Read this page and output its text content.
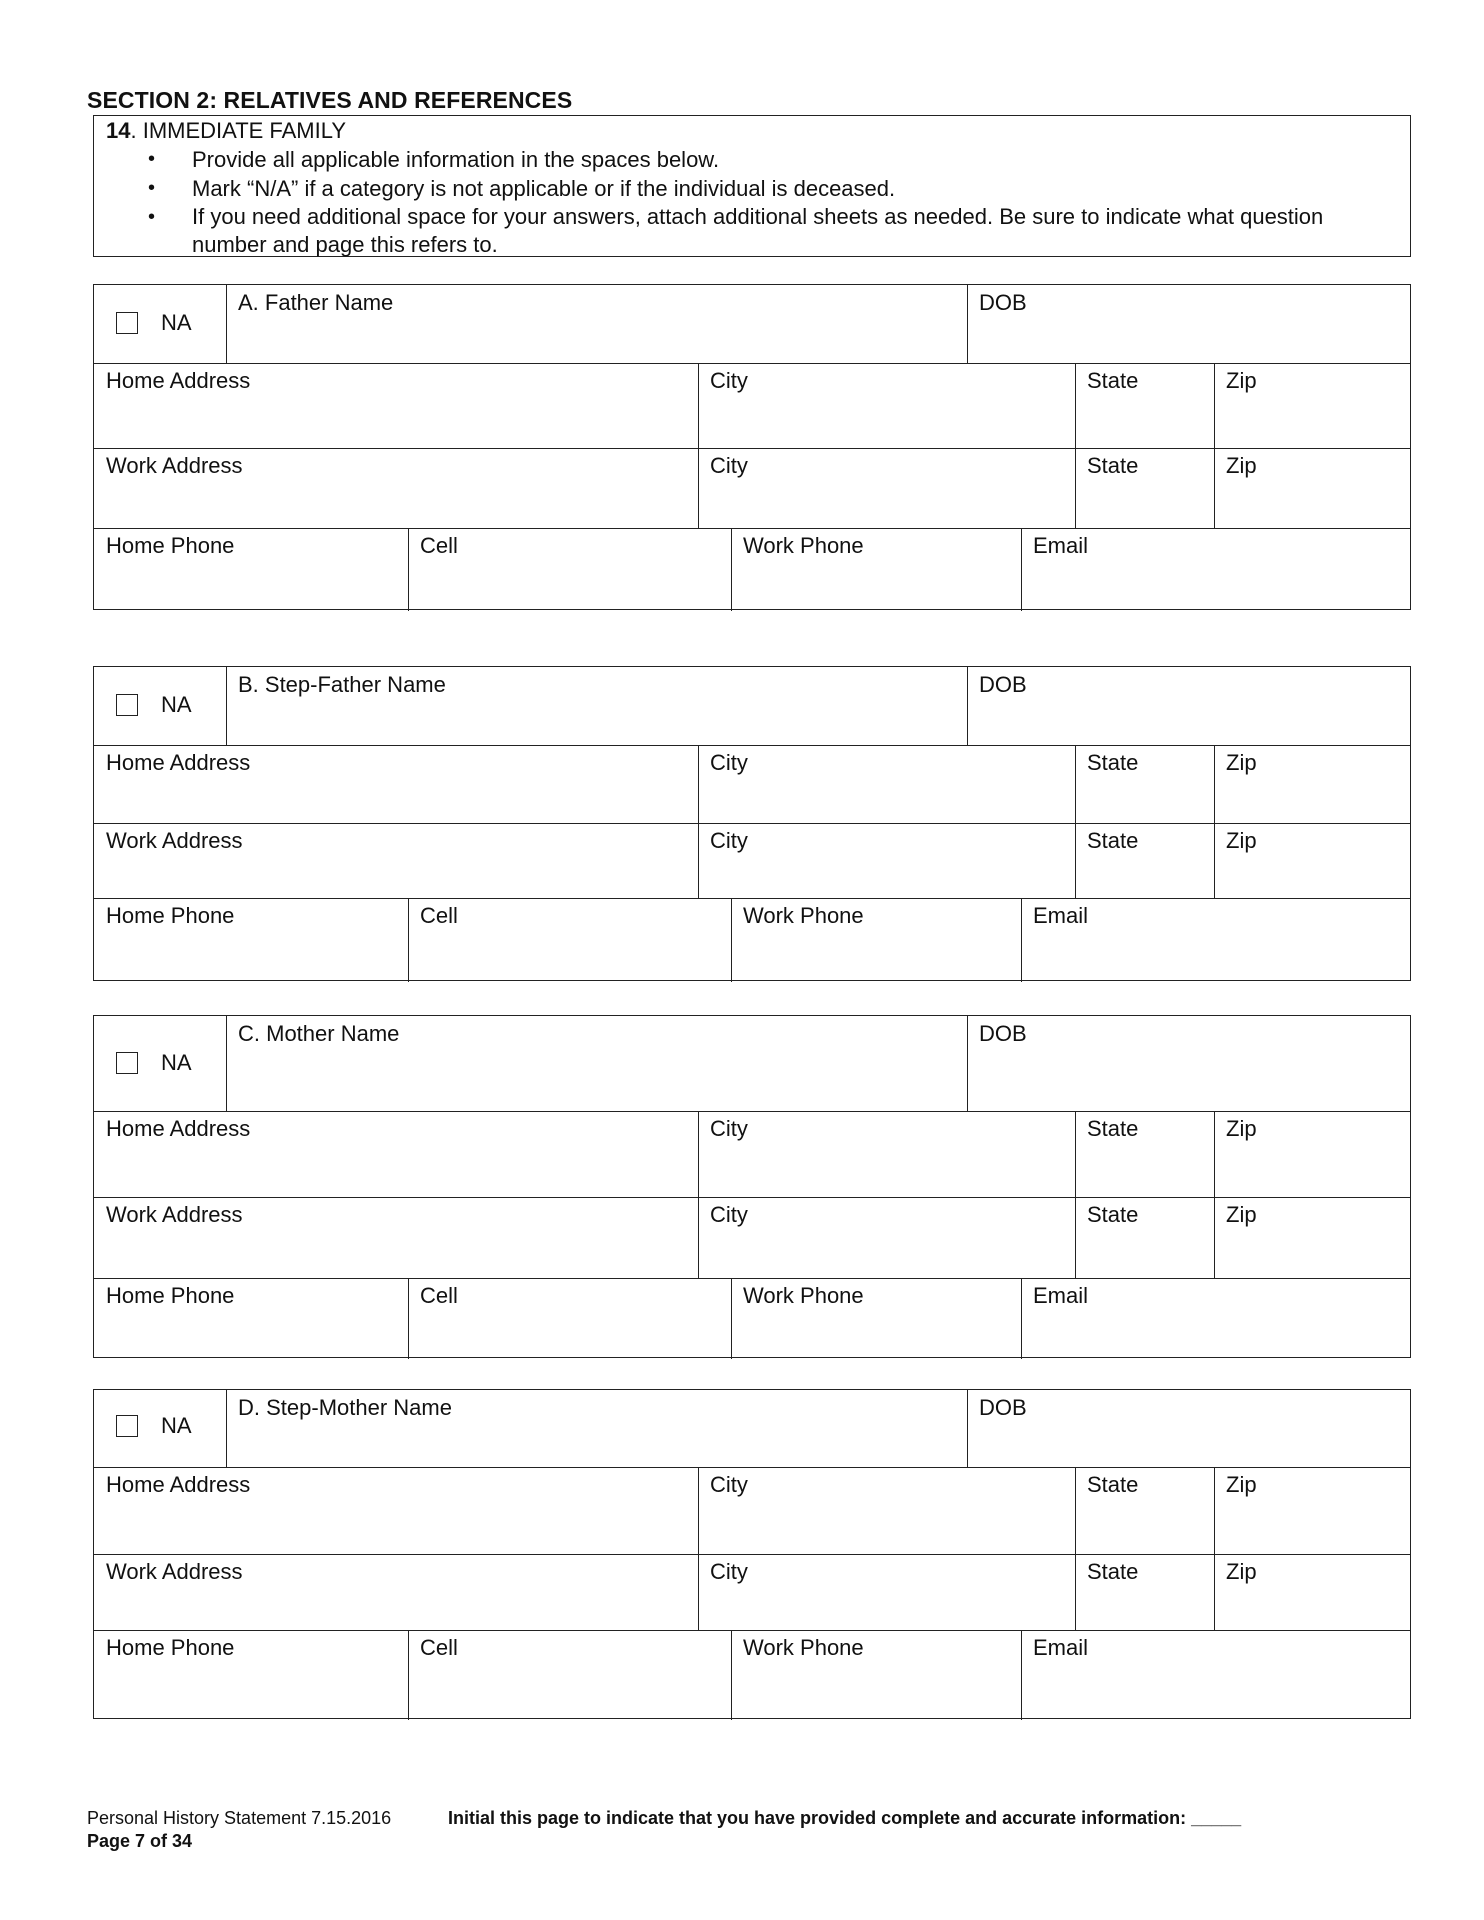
SECTION 2: RELATIVES AND REFERENCES
14. IMMEDIATE FAMILY
• Provide all applicable information in the spaces below.
• Mark “N/A” if a category is not applicable or if the individual is deceased.
• If you need additional space for your answers, attach additional sheets as needed. Be sure to indicate what question number and page this refers to.
NA
A. Father Name	DOB
Home Address	City	State	Zip
Work Address	City	State	Zip
Home Phone	Cell	Work Phone	Email
NA
B. Step-Father Name	DOB
Home Address	City	State	Zip
Work Address	City	State	Zip
Home Phone	Cell	Work Phone	Email
NA
C. Mother Name	DOB
Home Address	City	State	Zip
Work Address	City	State	Zip
Home Phone	Cell	Work Phone	Email
NA
D. Step-Mother Name	DOB
Home Address	City	State	Zip
Work Address	City	State	Zip
Home Phone	Cell	Work Phone	Email
Personal History Statement 7.15.2016
Page 7 of 34
Initial this page to indicate that you have provided complete and accurate information: _____
